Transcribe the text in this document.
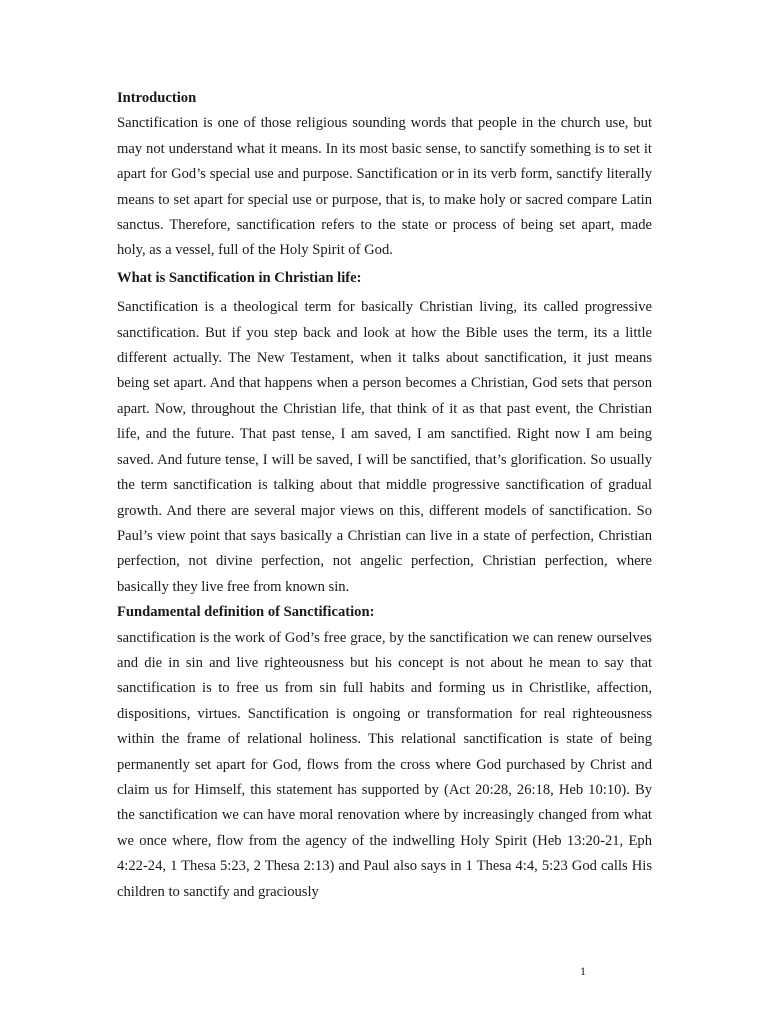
Introduction

Sanctification is one of those religious sounding words that people in the church use, but may not understand what it means. In its most basic sense, to sanctify something is to set it apart for God’s special use and purpose. Sanctification or in its verb form, sanctify literally means to set apart for special use or purpose, that is, to make holy or sacred compare Latin sanctus. Therefore, sanctification refers to the state or process of being set apart, made holy, as a vessel, full of the Holy Spirit of God.

What is Sanctification in Christian life:

Sanctification is a theological term for basically Christian living, its called progressive sanctification. But if you step back and look at how the Bible uses the term, its a little different actually. The New Testament, when it talks about sanctification, it just means being set apart. And that happens when a person becomes a Christian, God sets that person apart. Now, throughout the Christian life, that think of it as that past event, the Christian life, and the future. That past tense, I am saved, I am sanctified. Right now I am being saved. And future tense, I will be saved, I will be sanctified, that’s glorification. So usually the term sanctification is talking about that middle progressive sanctification of gradual growth. And there are several major views on this, different models of sanctification. So Paul’s view point that says basically a Christian can live in a state of perfection, Christian perfection, not divine perfection, not angelic perfection, Christian perfection, where basically they live free from known sin.

Fundamental definition of Sanctification:

sanctification is the work of God’s free grace, by the sanctification we can renew ourselves and die in sin and live righteousness but his concept is not about he mean to say that sanctification is to free us from sin full habits and forming us in Christlike, affection, dispositions, virtues. Sanctification is ongoing or transformation for real righteousness within the frame of relational holiness. This relational sanctification is state of being permanently set apart for God, flows from the cross where God purchased by Christ and claim us for Himself, this statement has supported by (Act 20:28, 26:18, Heb 10:10). By the sanctification we can have moral renovation where by increasingly changed from what we once where, flow from the agency of the indwelling Holy Spirit (Heb 13:20-21, Eph 4:22-24, 1 Thesa 5:23, 2 Thesa 2:13) and Paul also says in 1 Thesa 4:4, 5:23 God calls His children to sanctify and graciously

1
